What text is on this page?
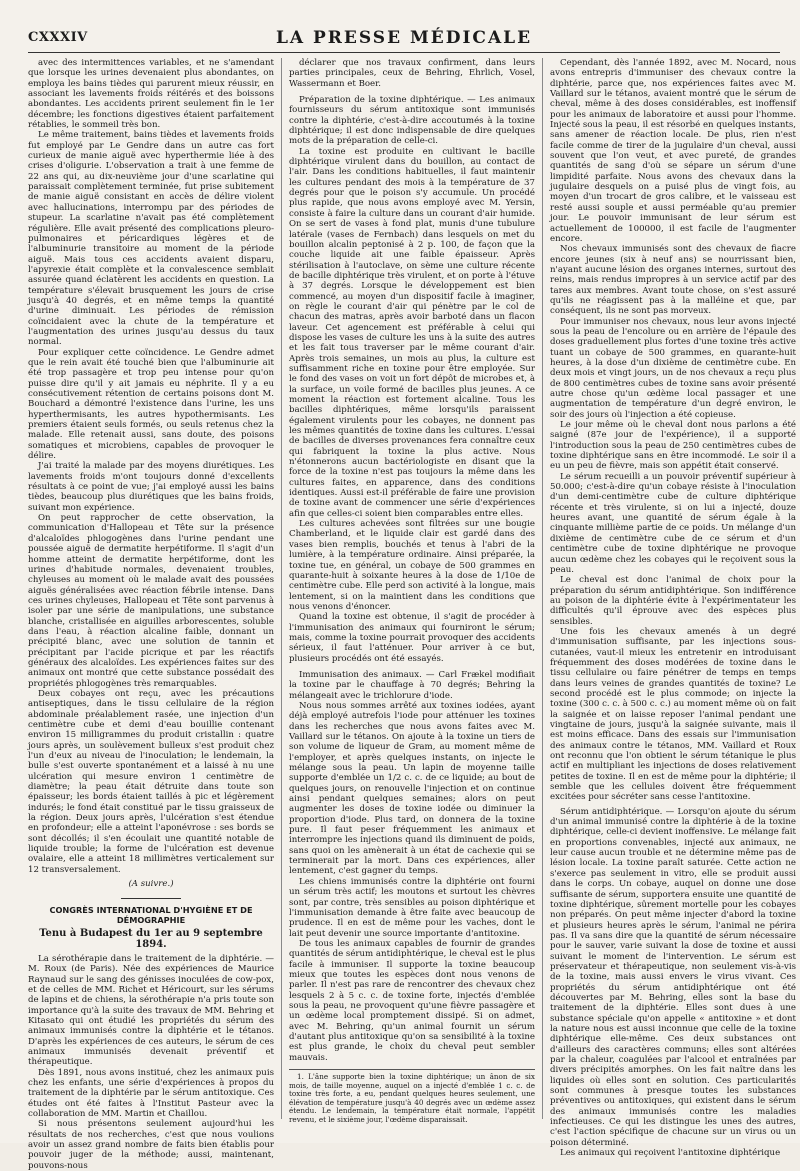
CXXXIV	LA PRESSE MÉDICALE

avec des intermittences variables, et ne s'amendant que lorsque les urines devenaient plus abondantes, on employa les bains tièdes qui parurent mieux réussir, en associant les lavements froids réitérés et des boissons abondantes. Les accidents prirent seulement fin le 1er décembre; les fonctions digestives étaient parfaitement rétablies, le sommeil très bon.

Le même traitement, bains tièdes et lavements froids fut employé par Le Gendre dans un autre cas fort curieux de manie aiguë avec hyperthermie liée à des crises d'oligurie. L'observation a trait à une femme de 22 ans qui, au dix-neuvième jour d'une scarlatine qui paraissait complètement terminée, fut prise subitement de manie aiguë consistant en accès de délire violent avec hallucinations, interrompu par des périodes de stupeur. La scarlatine n'avait pas été complètement régulière. Elle avait présenté des complications pleuro-pulmonaires et péricardiques légères et de l'albuminurie transitoire au moment de la période aiguë. Mais tous ces accidents avaient disparu, l'apyrexie était complète et la convalescence semblait assurée quand éclatèrent les accidents en question. La température s'élevait brusquement les jours de crise jusqu'à 40 degrés, et en même temps la quantité d'urine diminuait. Les périodes de rémission coïncidaient avec la chute de la température et l'augmentation des urines jusqu'au dessus du taux normal.

Pour expliquer cette coïncidence. Le Gendre admet que le rein avait été touché bien que l'albuminurie ait été trop passagère et trop peu intense pour qu'on puisse dire qu'il y ait jamais eu néphrite. Il y a eu consécutivement rétention de certains poisons dont M. Bouchard a démontré l'existence dans l'urine, les uns hyperthermisants, les autres hypothermisants. Les premiers étaient seuls formés, ou seuls retenus chez la malade. Elle retenait aussi, sans doute, des poisons somatiques et microbiens, capables de provoquer le délire.

J'ai traité la malade par des moyens diurétiques. Les lavements froids m'ont toujours donné d'excellents résultats à ce point de vue; j'ai employé aussi les bains tièdes, beaucoup plus diurétiques que les bains froids, suivant mon expérience.

On peut rapprocher de cette observation, la communication d'Hallopeau et Tête sur la présence d'alcaloïdes phlogogènes dans l'urine pendant une poussée aiguë de dermatite herpétiforme. Il s'agit d'un homme atteint de dermatite herpétiforme, dont les urines d'habitude normales, devenaient troubles, chyleuses au moment où le malade avait des poussées aiguës généralisées avec réaction fébrile intense. Dans ces urines chyleuses, Hallopeau et Tête sont parvenus à isoler par une série de manipulations, une substance blanche, cristallisée en aiguilles arborescentes, soluble dans l'eau, à réaction alcaline faible, donnant un précipité blanc, avec une solution de tannin et précipitant par l'acide picrique et par les réactifs généraux des alcaloïdes. Les expériences faites sur des animaux ont montré que cette substance possédait des propriétés phlogogènes très remarquables.

Deux cobayes ont reçu, avec les précautions antiseptiques, dans le tissu cellulaire de la région abdominale préalablement rasée, une injection d'un centimètre cube et demi d'eau bouillie contenant environ 15 milligrammes du produit cristallin : quatre jours après, un soulèvement bulleux s'est produit chez l'un d'eux au niveau de l'inoculation; le lendemain, la bulle s'est ouverte spontanément et a laissé à nu une ulcération qui mesure environ 1 centimètre de diamètre; la peau était détruite dans toute son épaisseur; les bords étaient taillés à pic et légèrement indurés; le fond était constitué par le tissu graisseux de la région. Deux jours après, l'ulcération s'est étendue en profondeur; elle a atteint l'aponévrose : ses bords se sont décollés; il s'en écoulait une quantité notable de liquide trouble; la forme de l'ulcération est devenue ovalaire, elle a atteint 18 millimètres verticalement sur 12 transversalement.

(A suivre.)

CONGRÈS INTERNATIONAL D'HYGIÈNE ET DE DÉMOGRAPHIE

Tenu à Budapest du 1er au 9 septembre 1894.

La sérothérapie dans le traitement de la diphtérie. — M. Roux (de Paris). Née des expériences de Maurice Raynaud sur le sang des génisses inoculées de cow-pox, et de celles de MM. Richet et Héricourt, sur les sérums de lapins et de chiens, la sérothérapie n'a pris toute son importance qu'à la suite des travaux de MM. Behring et Kitasato qui ont étudié les propriétés du sérum des animaux immunisés contre la diphtérie et le tétanos. D'après les expériences de ces auteurs, le sérum de ces animaux immunisés devenait préventif et thérapeutique.

Dès 1891, nous avons institué, chez les animaux puis chez les enfants, une série d'expériences à propos du traitement de la diphtérie par le sérum antitoxique. Ces études ont été faites à l'Institut Pasteur avec la collaboration de MM. Martin et Chaillou.

Si nous présentons seulement aujourd'hui les résultats de nos recherches, c'est que nous voulions avoir un assez grand nombre de faits bien établis pour pouvoir juger de la méthode; aussi, maintenant, pouvons-nous

déclarer que nos travaux confirment, dans leurs parties principales, ceux de Behring, Ehrlich, Vosel, Wassermann et Boer.

Préparation de la toxine diphtérique. — Les animaux fournisseurs du sérum antitoxique sont immunisés contre la diphtérie, c'est-à-dire accoutumés à la toxine diphtérique; il est donc indispensable de dire quelques mots de la préparation de celle-ci.

La toxine est produite en cultivant le bacille diphtérique virulent dans du bouillon, au contact de l'air. Dans les conditions habituelles, il faut maintenir les cultures pendant des mois à la température de 37 degrés pour que le poison s'y accumule. Un procédé plus rapide, que nous avons employé avec M. Yersin, consiste à faire la culture dans un courant d'air humide. On se sert de vases à fond plat, munis d'une tubulure latérale (vases de Fernbach) dans lesquels on met du bouillon alcalin peptonisé à 2 p. 100, de façon que la couche liquide ait une faible épaisseur. Après stérilisation à l'autoclave, on sème une culture récente de bacille diphtérique très virulent, et on porte à l'étuve à 37 degrés. Lorsque le développement est bien commencé, au moyen d'un dispositif facile à imaginer, on règle le courant d'air qui pénètre par le col de chacun des matras, après avoir barboté dans un flacon laveur. Cet agencement est préférable à celui qui dispose les vases de culture les uns à la suite des autres et les fait tous traverser par le même courant d'air. Après trois semaines, un mois au plus, la culture est suffisamment riche en toxine pour être employée. Sur le fond des vases on voit un fort dépôt de microbes et, à la surface, un voile formé de bacilles plus jeunes. A ce moment la réaction est fortement alcaline. Tous les bacilles diphtériques, même lorsqu'ils paraissent également virulents pour les cobayes, ne donnent pas les mêmes quantités de toxine dans les cultures. L'essai de bacilles de diverses provenances fera connaître ceux qui fabriquent la toxine la plus active. Nous n'étonnerons aucun bactériologiste en disant que la force de la toxine n'est pas toujours la même dans les cultures faites, en apparence, dans des conditions identiques. Aussi est-il préférable de faire une provision de toxine avant de commencer une série d'expériences afin que celles-ci soient bien comparables entre elles.

Les cultures achevées sont filtrées sur une bougie Chamberland, et le liquide clair est gardé dans des vases bien remplis, bouchés et tenus à l'abri de la lumière, à la température ordinaire. Ainsi préparée, la toxine tue, en général, un cobaye de 500 grammes en quarante-huit à soixante heures à la dose de 1/10e de centimètre cube. Elle perd son activité à la longue, mais lentement, si on la maintient dans les conditions que nous venons d'énoncer.

Quand la toxine est obtenue, il s'agit de procéder à l'immunisation des animaux qui fourniront le sérum; mais, comme la toxine pourrait provoquer des accidents sérieux, il faut l'atténuer. Pour arriver à ce but, plusieurs procédés ont été essayés.

Immunisation des animaux. — Carl Frækel modifiait la toxine par le chauffage à 70 degrés; Behring la mélangeait avec le trichlorure d'iode.

Nous nous sommes arrêté aux toxines iodées, ayant déjà employé autrefois l'iode pour atténuer les toxines dans les recherches que nous avons faites avec M. Vaillard sur le tétanos. On ajoute à la toxine un tiers de son volume de liqueur de Gram, au moment même de l'employer, et après quelques instants, on injecte le mélange sous la peau. Un lapin de moyenne taille supporte d'emblée un 1/2 c. c. de ce liquide; au bout de quelques jours, on renouvelle l'injection et on continue ainsi pendant quelques semaines; alors on peut augmenter les doses de toxine iodée ou diminuer la proportion d'iode. Plus tard, on donnera de la toxine pure. Il faut peser fréquemment les animaux et interrompre les injections quand ils diminuent de poids, sans quoi on les amènerait à un état de cachexie qui se terminerait par la mort. Dans ces expériences, aller lentement, c'est gagner du temps.

Les chiens immunisés contre la diphtérie ont fourni un sérum très actif; les moutons et surtout les chèvres sont, par contre, très sensibles au poison diphtérique et l'immunisation demande à être faite avec beaucoup de prudence. Il en est de même pour les vaches, dont le lait peut devenir une source importante d'antitoxine.

De tous les animaux capables de fournir de grandes quantités de sérum antidiphtérique, le cheval est le plus facile à immuniser. Il supporte la toxine beaucoup mieux que toutes les espèces dont nous venons de parler. Il n'est pas rare de rencontrer des chevaux chez lesquels 2 à 5 c. c. de toxine forte, injectés d'emblée sous la peau, ne provoquent qu'une fièvre passagère et un œdème local promptement dissipé. Si on admet, avec M. Behring, qu'un animal fournit un sérum d'autant plus antitoxique qu'on sa sensibilité à la toxine est plus grande, le choix du cheval peut sembler mauvais.

1. L'âne supporte bien la toxine diphtérique; un ânon de six mois, de taille moyenne, auquel on a injecté d'emblée 1 c. c. de toxine très forte, a eu, pendant quelques heures seulement, une élévation de température jusqu'à 40 degrés avec un œdème assez étendu. Le lendemain, la température était normale, l'appétit revenu, et le sixième jour, l'œdème disparaissait.

Cependant, dès l'année 1892, avec M. Nocard, nous avons entrepris d'immuniser des chevaux contre la diphtérie, parce que, nos expériences faites avec M. Vaillard sur le tétanos, avaient montré que le sérum de cheval, même à des doses considérables, est inoffensif pour les animaux de laboratoire et aussi pour l'homme. Injecté sous la peau, il est résorbé en quelques instants, sans amener de réaction locale. De plus, rien n'est facile comme de tirer de la jugulaire d'un cheval, aussi souvent que l'on veut, et avec pureté, de grandes quantités de sang d'où se sépare un sérum d'une limpidité parfaite. Nous avons des chevaux dans la jugulaire desquels on a puisé plus de vingt fois, au moyen d'un trocart de gros calibre, et le vaisseau est resté aussi souple et aussi perméable qu'au premier jour. Le pouvoir immunisant de leur sérum est actuellement de 100000, il est facile de l'augmenter encore.

Nos chevaux immunisés sont des chevaux de fiacre encore jeunes (six à neuf ans) se nourrissant bien, n'ayant aucune lésion des organes internes, surtout des reins, mais rendus impropres à un service actif par des tares aux membres. Avant toute chose, on s'est assuré qu'ils ne réagissent pas à la malléine et que, par conséquent, ils ne sont pas morveux.

Pour immuniser nos chevaux, nous leur avons injecté sous la peau de l'encolure ou en arrière de l'épaule des doses graduellement plus fortes d'une toxine très active tuant un cobaye de 500 grammes, en quarante-huit heures, à la dose d'un dixième de centimètre cube. En deux mois et vingt jours, un de nos chevaux a reçu plus de 800 centimètres cubes de toxine sans avoir présenté autre chose qu'un œdème local passager et une augmentation de température d'un degré environ, le soir des jours où l'injection a été copieuse.

Le jour même où le cheval dont nous parlons a été saigné (87e jour de l'expérience), il a supporté l'introduction sous la peau de 250 centimètres cubes de toxine diphtérique sans en être incommodé. Le soir il a eu un peu de fièvre, mais son appétit était conservé.

Le sérum recueilli a un pouvoir préventif supérieur à 50.000; c'est-à-dire qu'un cobaye résiste à l'inoculation d'un demi-centimètre cube de culture diphtérique récente et très virulente, si on lui a injecté, douze heures avant, une quantité de sérum égale à la cinquante millième partie de ce poids. Un mélange d'un dixième de centimètre cube de ce sérum et d'un centimètre cube de toxine diphtérique ne provoque aucun œdème chez les cobayes qui le reçoivent sous la peau.

Le cheval est donc l'animal de choix pour la préparation du sérum antidiphtérique. Son indifférence au poison de la diphtérie évite à l'expérimentateur les difficultés qu'il éprouve avec des espèces plus sensibles.

Une fois les chevaux amenés à un degré d'immunisation suffisante, par les injections sous-cutanées, vaut-il mieux les entretenir en introduisant fréquemment des doses modérées de toxine dans le tissu cellulaire ou faire pénétrer de temps en temps dans leurs veines de grandes quantités de toxine? Le second procédé est le plus commode; on injecte la toxine (300 c. c. à 500 c. c.) au moment même où on fait la saignée et on laisse reposer l'animal pendant une vingtaine de jours, jusqu'à la saignée suivante, mais il est moins efficace. Dans des essais sur l'immunisation des animaux contre le tétanos, MM. Vaillard et Roux ont reconnu que l'on obtient le sérum tétanique le plus actif en multipliant les injections de doses relativement petites de toxine. Il en est de même pour la diphtérie; il semble que les cellules doivent être fréquemment excitées pour sécréter sans cesse l'antitoxine.

Sérum antidiphtérique. — Lorsqu'on ajoute du sérum d'un animal immunisé contre la diphtérie à de la toxine diphtérique, celle-ci devient inoffensive. Le mélange fait en proportions convenables, injecté aux animaux, ne leur cause aucun trouble et ne détermine même pas de lésion locale. La toxine paraît saturée. Cette action ne s'exerce pas seulement in vitro, elle se produit aussi dans le corps. Un cobaye, auquel on donne une dose suffisante de sérum, supportera ensuite une quantité de toxine diphtérique, sûrement mortelle pour les cobayes non préparés. On peut même injecter d'abord la toxine et plusieurs heures après le sérum, l'animal ne périra pas. Il va sans dire que la quantité de sérum nécessaire pour le sauver, varie suivant la dose de toxine et aussi suivant le moment de l'intervention. Le sérum est préservateur et thérapeutique, non seulement vis-à-vis de la toxine, mais aussi envers le virus vivant. Ces propriétés du sérum antidiphtérique ont été découvertes par M. Behring, elles sont la base du traitement de la diphtérie. Elles sont dues à une substance spéciale qu'on appelle « antitoxine » et dont la nature nous est aussi inconnue que celle de la toxine diphtérique elle-même. Ces deux substances ont d'ailleurs des caractères communs; elles sont altérées par la chaleur, coagulées par l'alcool et entraînées par divers précipités amorphes. On les fait naître dans les liquides où elles sont en solution. Ces particularités sont communes à presque toutes les substances préventives ou antitoxiques, qui existent dans le sérum des animaux immunisés contre les maladies infectieuses. Ce qui les distingue les unes des autres, c'est l'action spécifique de chacune sur un virus ou un poison déterminé.

Les animaux qui reçoivent l'antitoxine diphtérique
